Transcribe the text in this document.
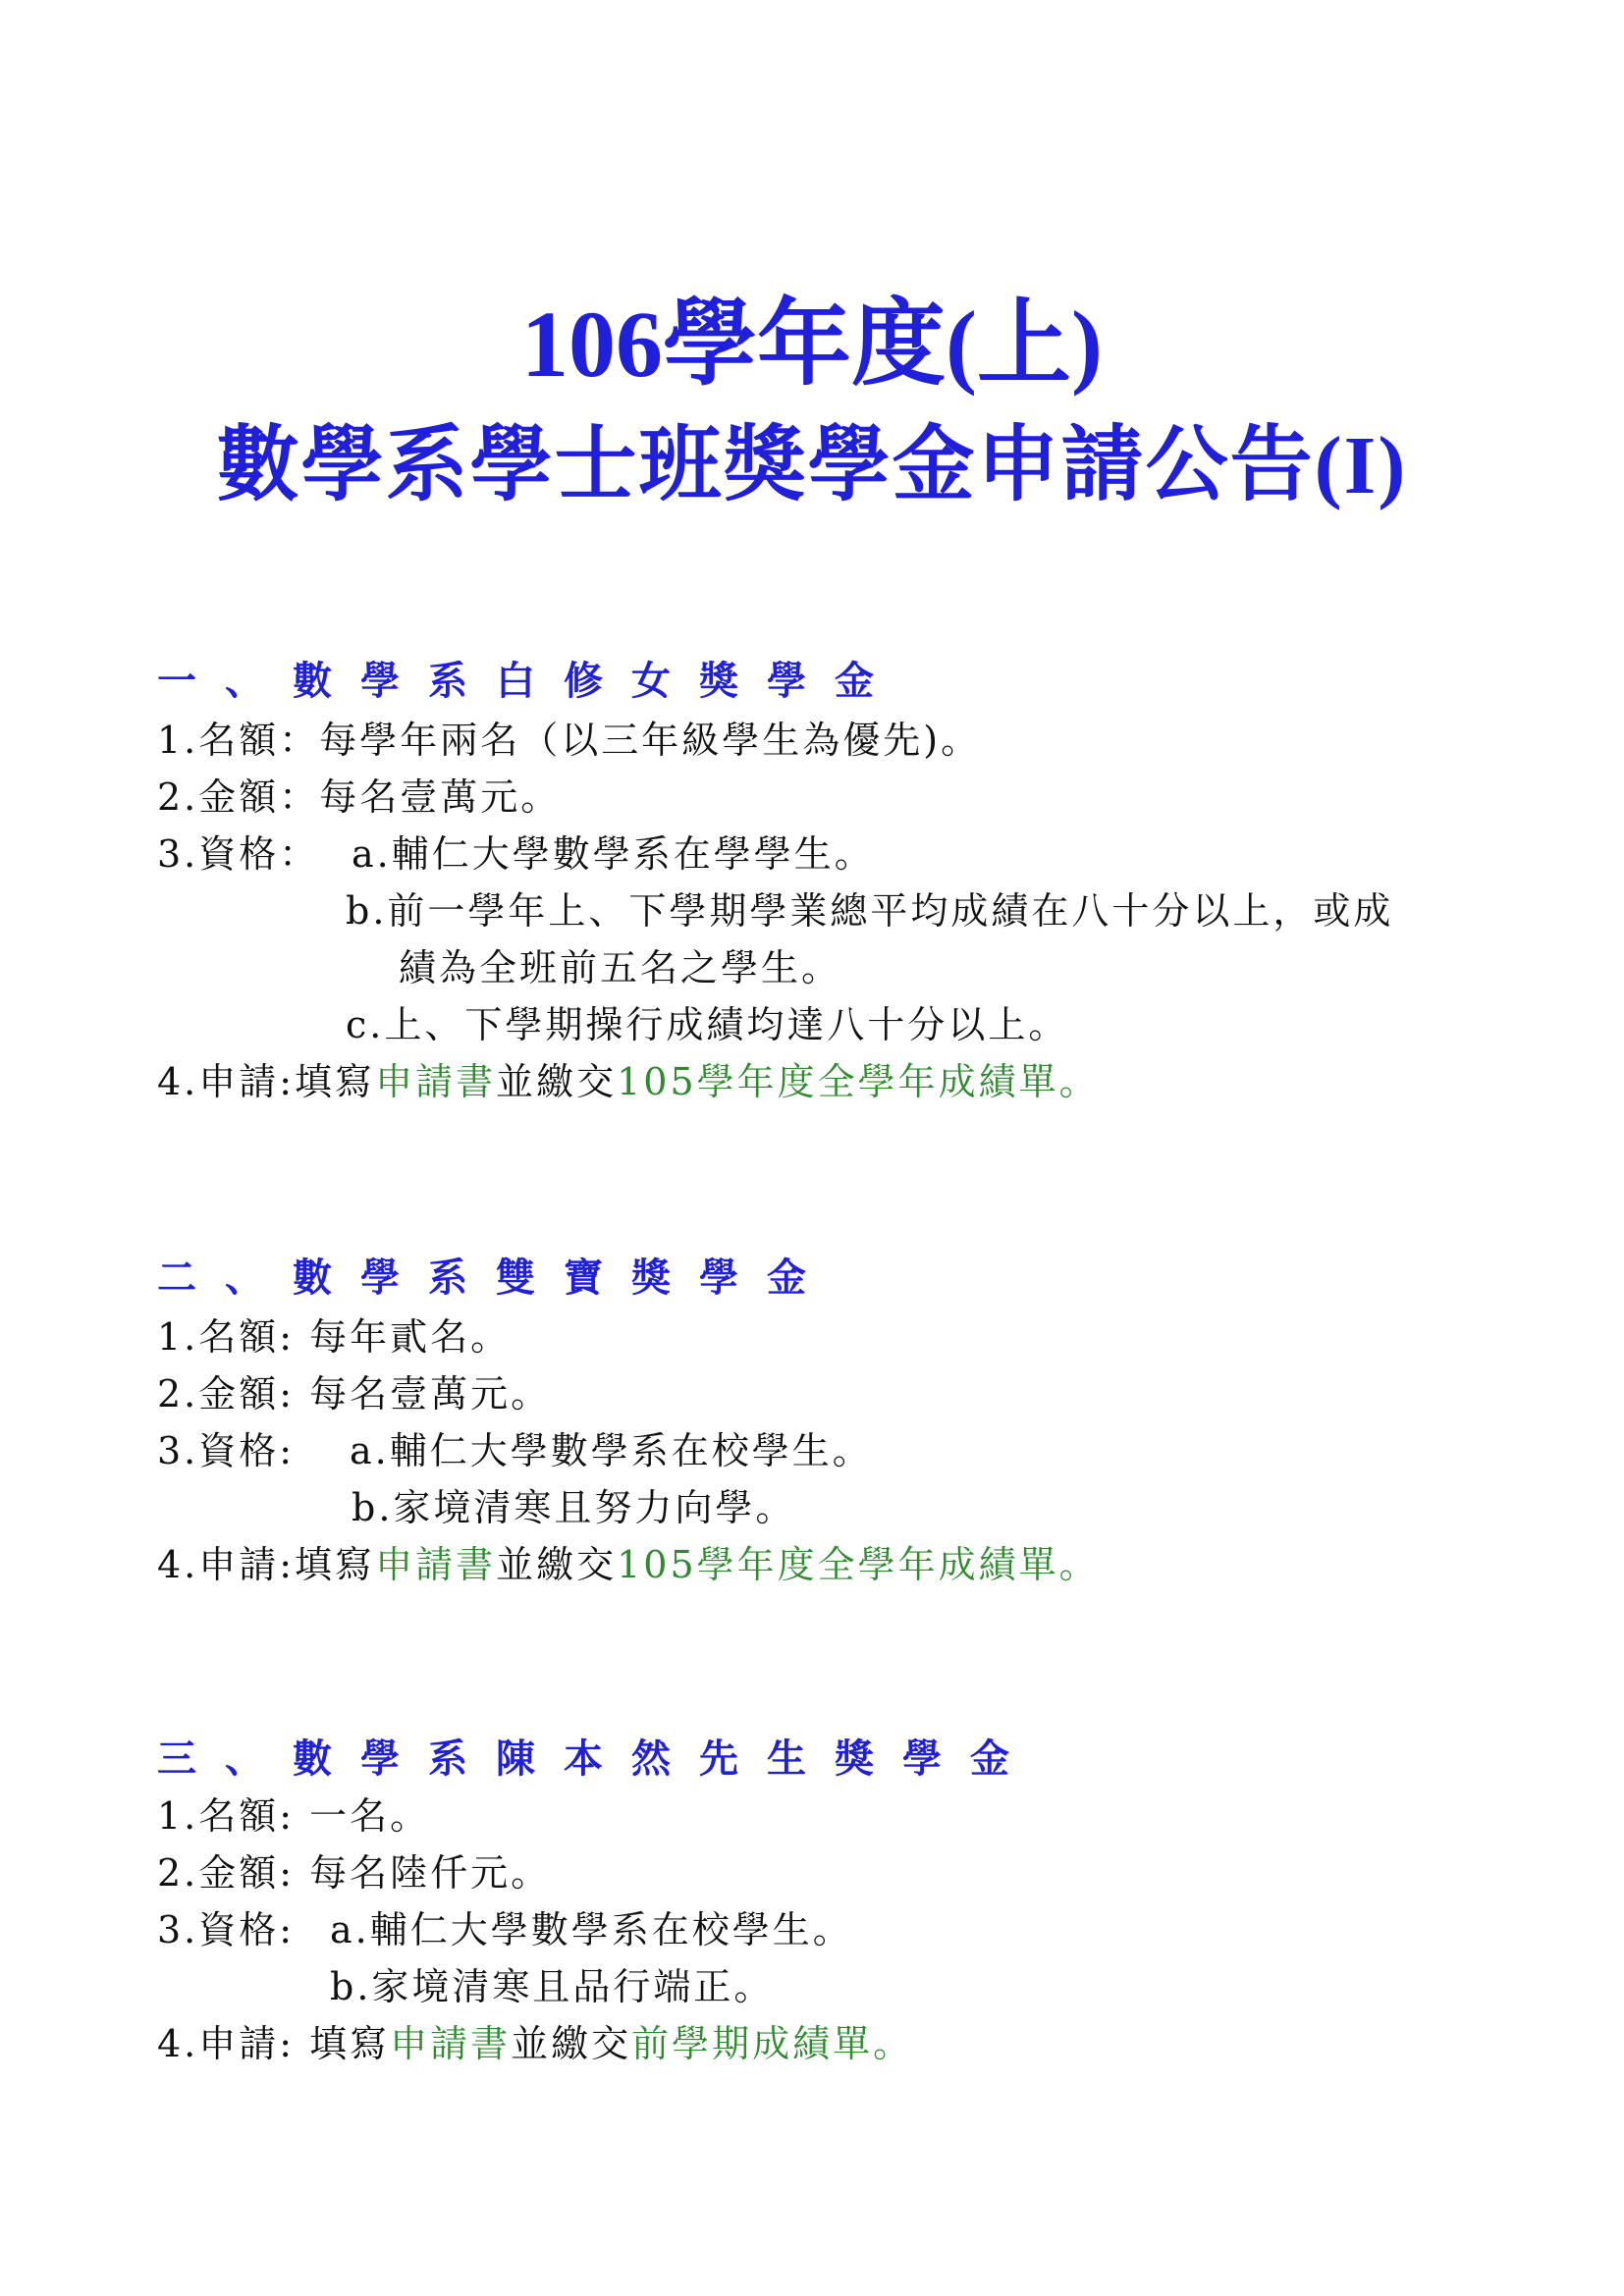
106學年度(上)
數學系學士班獎學金申請公告(I)
一、數學系白修女獎學金

1.名額：每學年兩名（以三年級學生為優先)。

2.金額：每名壹萬元。

3.資格： a.輔仁大學數學系在學學生。

b.前一學年上、下學期學業總平均成績在八十分以上，或成

績為全班前五名之學生。

c.上、下學期操行成績均達八十分以上。

4.申請:填寫申請書並繳交105學年度全學年成績單。

二、數學系雙寶獎學金

1.名額: 每年貳名。

2.金額: 每名壹萬元。

3.資格: a.輔仁大學數學系在校學生。

b.家境清寒且努力向學。

4.申請:填寫申請書並繳交105學年度全學年成績單。

三、數學系陳本然先生獎學金

1.名額: 一名。

2.金額: 每名陸仟元。

3.資格: a.輔仁大學數學系在校學生。

b.家境清寒且品行端正。

4.申請: 填寫申請書並繳交前學期成績單。
